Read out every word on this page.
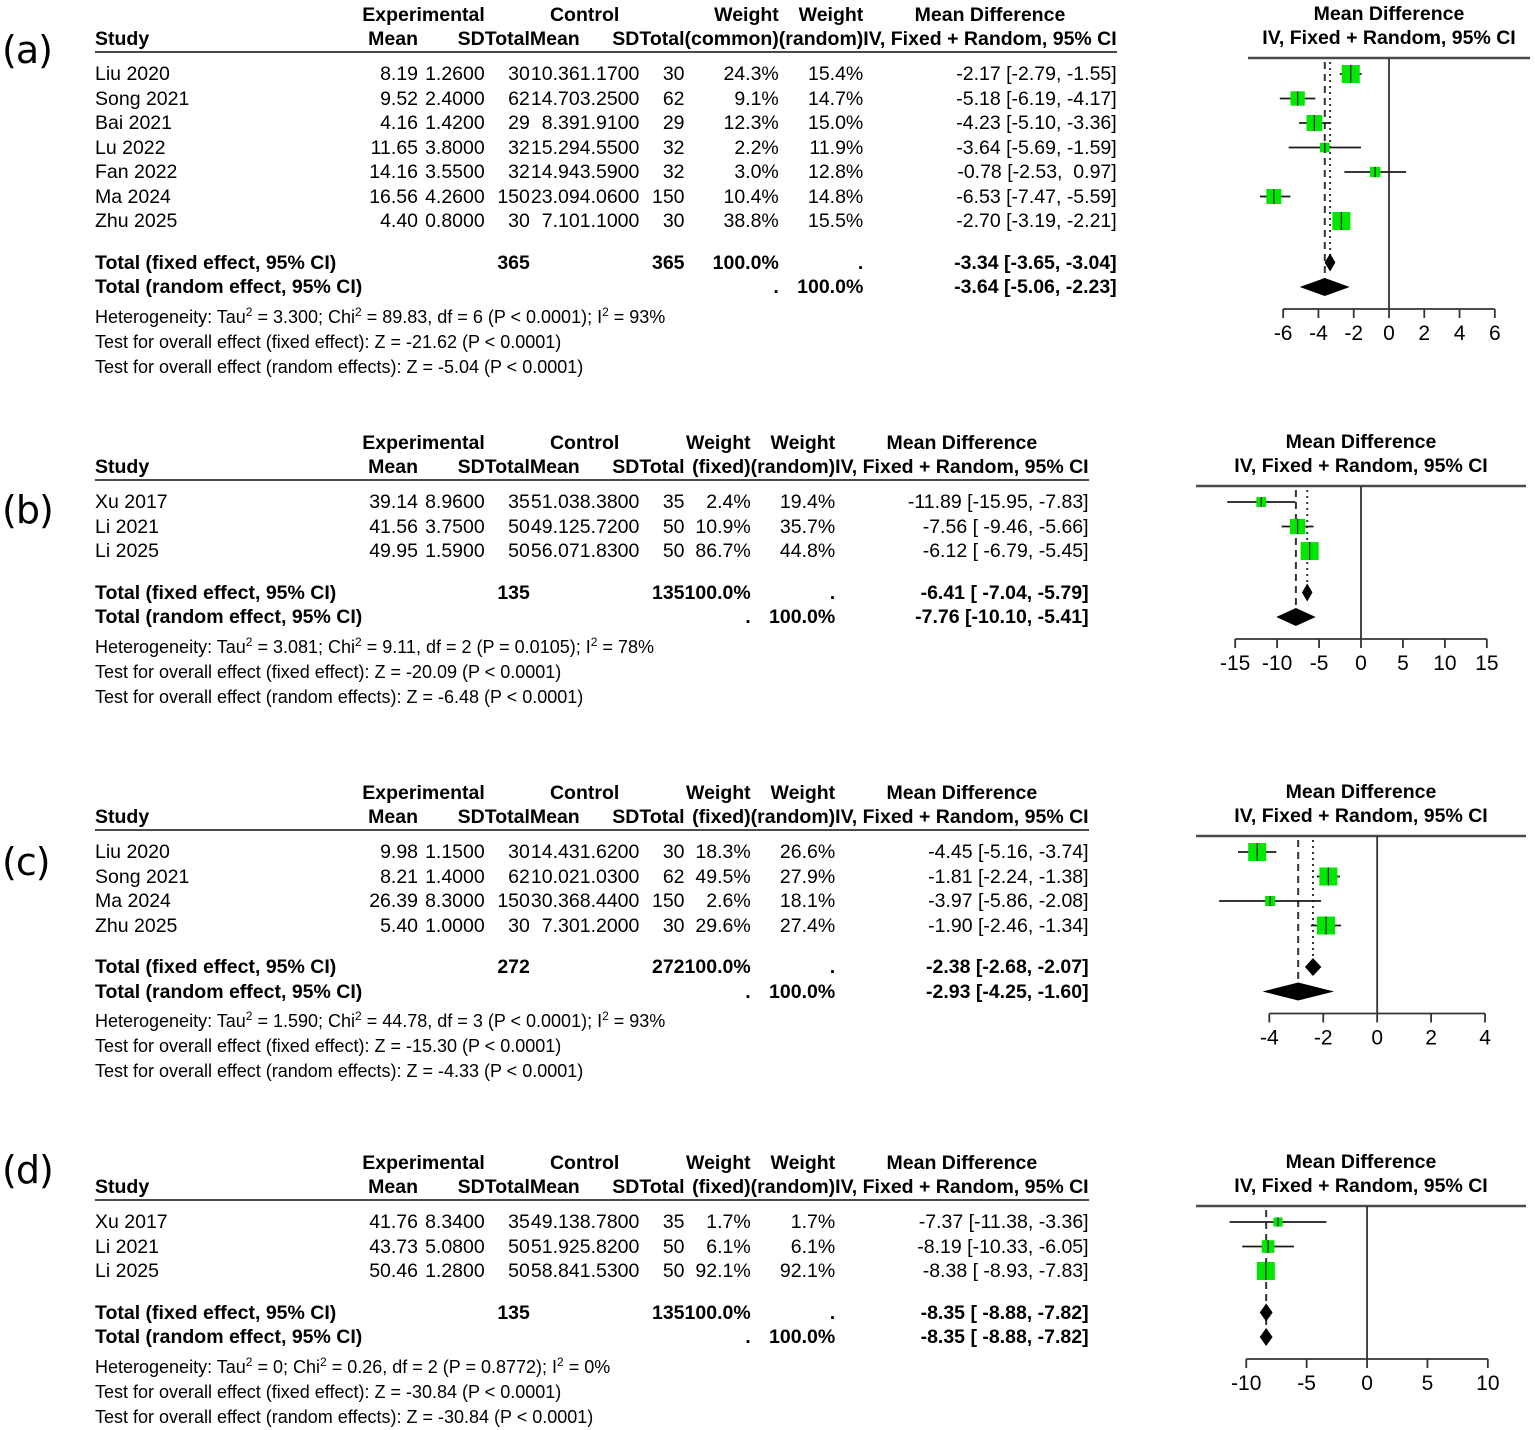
(a)
	Experimental			Control			Weight	Weight	Mean Difference
Study	Mean	SD	Total	Mean	SD	Total	(common)	(random)	IV, Fixed + Random, 95% CI

Liu 2020	8.19	1.2600	30	10.36	1.1700	30	24.3%	15.4%	-2.17 [-2.79, -1.55]
Song 2021	9.52	2.4000	62	14.70	3.2500	62	9.1%	14.7%	-5.18 [-6.19, -4.17]
Bai 2021	4.16	1.4200	29	8.39	1.9100	29	12.3%	15.0%	-4.23 [-5.10, -3.36]
Lu 2022	11.65	3.8000	32	15.29	4.5500	32	2.2%	11.9%	-3.64 [-5.69, -1.59]
Fan 2022	14.16	3.5500	32	14.94	3.5900	32	3.0%	12.8%	-0.78 [-2.53,  0.97]
Ma 2024	16.56	4.2600	150	23.09	4.0600	150	10.4%	14.8%	-6.53 [-7.47, -5.59]
Zhu 2025	4.40	0.8000	30	7.10	1.1000	30	38.8%	15.5%	-2.70 [-3.19, -2.21]

Total (fixed effect, 95% CI)			365			365	100.0%	.	-3.34 [-3.65, -3.04]
Total (random effect, 95% CI)							.	100.0%	-3.64 [-5.06, -2.23]
Heterogeneity: Tau$^2$ = 3.300; Chi$^2$ = 89.83, df = 6 (P < 0.0001); $I^2 = 93\%$
Test for overall effect (fixed effect): Z = -21.62 (P < 0.0001)
Test for overall effect (random effects): Z = -5.04 (P < 0.0001)
Mean Difference
IV, Fixed + Random, 95% CI
-6 -4 -2 0 2 4 6
(b)
	Experimental			Control			Weight	Weight	Mean Difference
Study	Mean	SD	Total	Mean	SD	Total	(fixed)	(random)	IV, Fixed + Random, 95% CI

Xu 2017	39.14	8.9600	35	51.03	8.3800	35	2.4%	19.4%	-11.89 [-15.95, -7.83]
Li 2021	41.56	3.7500	50	49.12	5.7200	50	10.9%	35.7%	-7.56 [ -9.46, -5.66]
Li 2025	49.95	1.5900	50	56.07	1.8300	50	86.7%	44.8%	-6.12 [ -6.79, -5.45]

Total (fixed effect, 95% CI)			135			135	100.0%	.	-6.41 [ -7.04, -5.79]
Total (random effect, 95% CI)							.	100.0%	-7.76 [-10.10, -5.41]
Heterogeneity: Tau$^2$ = 3.081; Chi$^2$ = 9.11, df = 2 (P = 0.0105); $I^2 = 78\%$
Test for overall effect (fixed effect): Z = -20.09 (P < 0.0001)
Test for overall effect (random effects): Z = -6.48 (P < 0.0001)
Mean Difference
IV, Fixed + Random, 95% CI
-15 -10 -5 0 5 10 15
(c)
	Experimental			Control			Weight	Weight	Mean Difference
Study	Mean	SD	Total	Mean	SD	Total	(fixed)	(random)	IV, Fixed + Random, 95% CI

Liu 2020	9.98	1.1500	30	14.43	1.6200	30	18.3%	26.6%	-4.45 [-5.16, -3.74]
Song 2021	8.21	1.4000	62	10.02	1.0300	62	49.5%	27.9%	-1.81 [-2.24, -1.38]
Ma 2024	26.39	8.3000	150	30.36	8.4400	150	2.6%	18.1%	-3.97 [-5.86, -2.08]
Zhu 2025	5.40	1.0000	30	7.30	1.2000	30	29.6%	27.4%	-1.90 [-2.46, -1.34]

Total (fixed effect, 95% CI)			272			272	100.0%	.	-2.38 [-2.68, -2.07]
Total (random effect, 95% CI)							.	100.0%	-2.93 [-4.25, -1.60]
Heterogeneity: Tau$^2$ = 1.590; Chi$^2$ = 44.78, df = 3 (P < 0.0001); $I^2 = 93\%$
Test for overall effect (fixed effect): Z = -15.30 (P < 0.0001)
Test for overall effect (random effects): Z = -4.33 (P < 0.0001)
Mean Difference
IV, Fixed + Random, 95% CI
-4 -2 0 2 4
(d)
		Experimental			Control			Weight	Weight	Mean Difference
Study	Mean	SD	Total	Mean	SD	Total	(fixed)	(random)	IV, Fixed + Random, 95% CI

Xu 2017	41.76	8.3400	35	49.13	8.7800	35	1.7%	1.7%	-7.37 [-11.38, -3.36]
Li 2021	43.73	5.0800	50	51.92	5.8200	50	6.1%	6.1%	-8.19 [-10.33, -6.05]
Li 2025	50.46	1.2800	50	58.84	1.5300	50	92.1%	92.1%	-8.38 [ -8.93, -7.83]

Total (fixed effect, 95% CI)			135			135	100.0%	.	-8.35 [ -8.88, -7.82]
Total (random effect, 95% CI)							.	100.0%	-8.35 [ -8.88, -7.82]
Heterogeneity: Tau$^2$ = 0; Chi$^2$ = 0.26, df = 2 (P = 0.8772); $I^2 = 0\%$
Test for overall effect (fixed effect): Z = -30.84 (P < 0.0001)
Test for overall effect (random effects): Z = -30.84 (P < 0.0001)
Mean Difference
IV, Fixed + Random, 95% CI
-10 -5 0 5 10
